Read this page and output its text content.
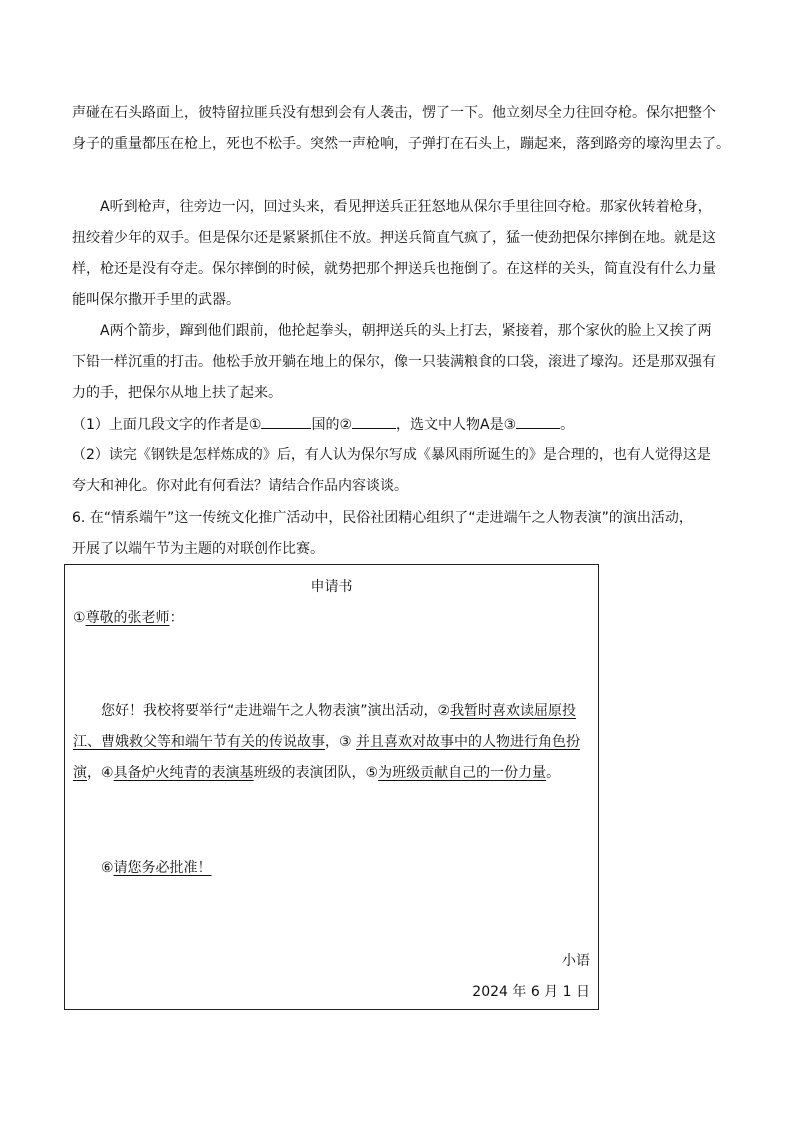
声碰在石头路面上，彼特留拉匪兵没有想到会有人袭击，愣了一下。他立刻尽全力往回夺枪。保尔把整个
身子的重量都压在枪上，死也不松手。突然一声枪响，子弹打在石头上，蹦起来，落到路旁的壕沟里去了。
A听到枪声，往旁边一闪，回过头来，看见押送兵正狂怒地从保尔手里往回夺枪。那家伙转着枪身，
扭绞着少年的双手。但是保尔还是紧紧抓住不放。押送兵简直气疯了，猛一使劲把保尔摔倒在地。就是这
样，枪还是没有夺走。保尔摔倒的时候，就势把那个押送兵也拖倒了。在这样的关头，简直没有什么力量
能叫保尔撒开手里的武器。
A两个箭步，蹿到他们跟前，他抡起拳头，朝押送兵的头上打去，紧接着，那个家伙的脸上又挨了两
下铅一样沉重的打击。他松手放开躺在地上的保尔，像一只装满粮食的口袋，滚进了壕沟。还是那双强有
力的手，把保尔从地上扶了起来。
（1）上面几段文字的作者是①	国的②	，选文中人物A是③	。
（2）读完《钢铁是怎样炼成的》后，有人认为保尔写成《暴风雨所诞生的》是合理的，也有人觉得这是
夸大和神化。你对此有何看法？请结合作品内容谈谈。
6. 在“情系端午”这一传统文化推广活动中，民俗社团精心组织了“走进端午之人物表演”的演出活动，
开展了以端午节为主题的对联创作比赛。
申请书
①尊敬的张老师：
您好！我校将要举行“走进端午之人物表演”演出活动，②我暂时喜欢读屈原投
江、曹娥救父等和端午节有关的传说故事，③ 并且喜欢对故事中的人物进行角色扮
演，④具备炉火纯青的表演基班级的表演团队，⑤为班级贡献自己的一份力量。
⑥请您务必批准！
小语
2024 年 6 月 1 日
